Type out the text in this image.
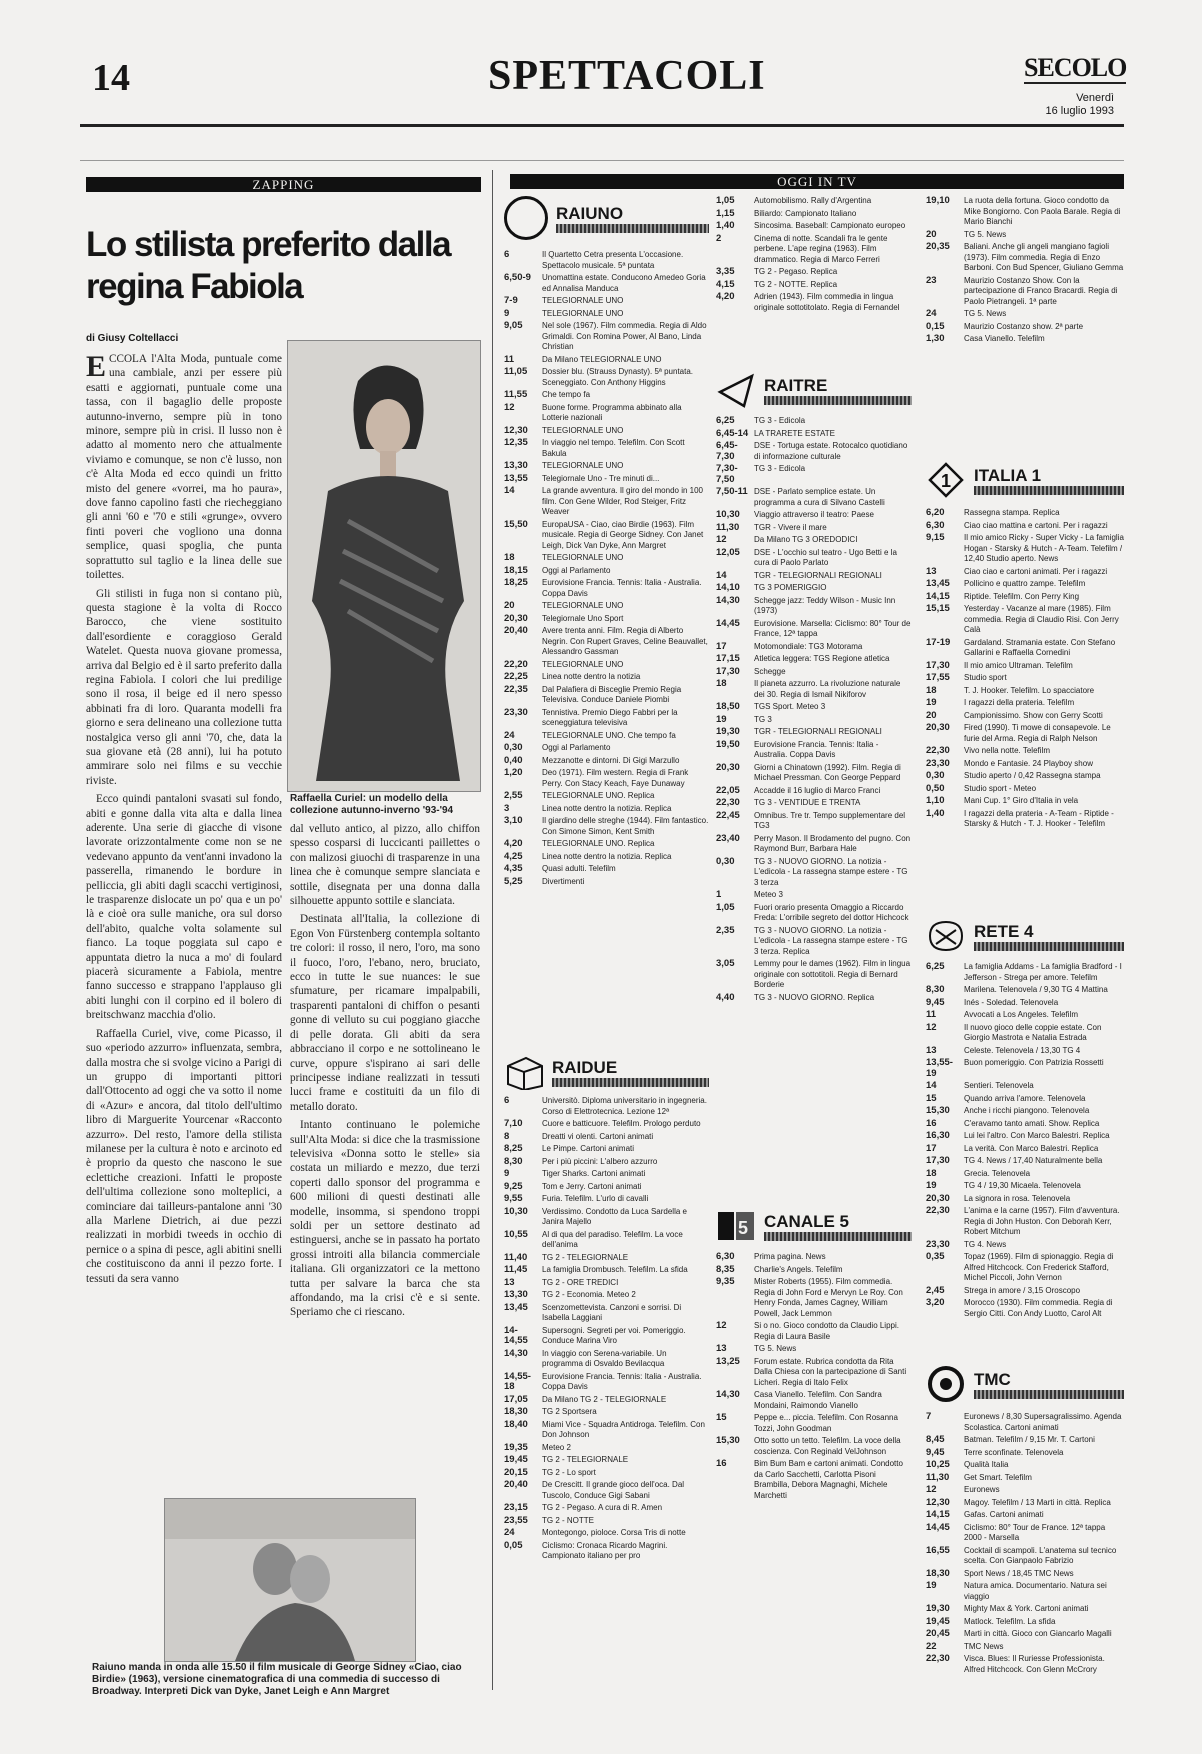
14	SPETTACOLI	SECOLO
Venerdì
16 luglio 1993
ZAPPING
Lo stilista preferito dalla regina Fabiola
di Giusy Coltellacci

ECCOLA l'Alta Moda, puntuale come una cambiale, anzi per essere più esatti e aggiornati, puntuale come una tassa, con il bagaglio delle proposte autunno-inverno, sempre più in tono minore, sempre più in crisi. Il lusso non è adatto al momento nero che attualmente viviamo e comunque, se non c'è lusso, non c'è Alta Moda ed ecco quindi un fritto misto del genere «vorrei, ma ho paura», dove fanno capolino fasti che riecheggiano gli anni '60 e '70 e stili «grunge», ovvero finti poveri che vogliono una donna semplice, quasi spoglia, che punta soprattutto sul taglio e la linea delle sue toilettes.

Gli stilisti in fuga non si contano più, questa stagione è la volta di Rocco Barocco, che viene sostituito dall'esordiente e coraggioso Gerald Watelet. Questa nuova giovane promessa, arriva dal Belgio ed è il sarto preferito dalla regina Fabiola. I colori che lui predilige sono il rosa, il beige ed il nero spesso abbinati fra di loro. Quaranta modelli fra giorno e sera delineano una collezione tutta nostalgica verso gli anni '70, che, data la sua giovane età (28 anni), lui ha potuto ammirare solo nei films e su vecchie riviste.

Ecco quindi pantaloni svasati sul fondo, abiti e gonne dalla vita alta e dalla linea aderente. Una serie di giacche di visone lavorate orizzontalmente come non se ne vedevano appunto da vent'anni invadono la passerella, rimanendo le bordure in pelliccia, gli abiti dagli scacchi vertiginosi, le trasparenze dislocate un po' qua e un po' là e cioè ora sulle maniche, ora sul dorso dell'abito, qualche volta solamente sul fianco. La toque poggiata sul capo e appuntata dietro la nuca a mo' di foulard piacerà sicuramente a Fabiola, mentre fanno successo e strappano l'applauso gli abiti lunghi con il corpino ed il bolero di breitschwanz macchia d'olio.

Raffaella Curiel, vive, come Picasso, il suo «periodo azzurro» influenzata, sembra, dalla mostra che si svolge vicino a Parigi di un gruppo di importanti pittori dall'Ottocento ad oggi che va sotto il nome di «Azur» e ancora, dal titolo dell'ultimo libro di Marguerite Yourcenar «Racconto azzurro». Del resto, l'amore della stilista milanese per la cultura è noto e arcinoto ed è proprio da questo che nascono le sue eclettiche creazioni. Infatti le proposte dell'ultima collezione sono molteplici, a cominciare dai tailleurs-pantalone anni '30 alla Marlene Dietrich, ai due pezzi realizzati in morbidi tweeds in occhio di pernice o a spina di pesce, agli abitini snelli che costituiscono da anni il pezzo forte. I tessuti da sera vanno

Raffaella Curiel: un modello della collezione autunno-inverno '93-'94

dal velluto antico, al pizzo, allo chiffon spesso cosparsi di luccicanti paillettes o con malizosi giuochi di trasparenze in una linea che è comunque sempre slanciata e sottile, disegnata per una donna dalla silhouette appunto sottile e slanciata.

Destinata all'Italia, la collezione di Egon Von Fürstenberg contempla soltanto tre colori: il rosso, il nero, l'oro, ma sono il fuoco, l'oro, l'ebano, nero, bruciato, ecco in tutte le sue nuances: le sue sfumature, per ricamare impalpabili, trasparenti pantaloni di chiffon o pesanti gonne di velluto su cui poggiano giacche di pelle dorata. Gli abiti da sera abbracciano il corpo e ne sottolineano le curve, oppure s'ispirano ai sari delle principesse indiane realizzati in tessuti lucci frame e costituiti da un filo di metallo dorato.

Intanto continuano le polemiche sull'Alta Moda: si dice che la trasmissione televisiva «Donna sotto le stelle» sia costata un miliardo e mezzo, due terzi coperti dallo sponsor del programma e 600 milioni di questi destinati alle modelle, insomma, si spendono troppi soldi per un settore destinato ad estinguersi, anche se in passato ha portato grossi introiti alla bilancia commerciale italiana. Gli organizzatori ce la mettono tutta per salvare la barca che sta affondando, ma la crisi c'è e si sente. Speriamo che ci riescano.

Raiuno manda in onda alle 15.50 il film musicale di George Sidney «Ciao, ciao Birdie» (1963), versione cinematografica di una commedia di successo di Broadway. Interpreti Dick van Dyke, Janet Leigh e Ann Margret
OGGI IN TV
RAIUNO
6	Il Quartetto Cetra presenta L'occasione. Spettacolo musicale. 5ª puntata
6,50-9	Unomattina estate. Conducono Amedeo Goria ed Annalisa Manduca
7-9	TELEGIORNALE UNO
9	TELEGIORNALE UNO
9,05	Nel sole (1967). Film commedia. Regia di Aldo Grimaldi. Con Romina Power, Al Bano, Linda Christian
11	Da Milano TELEGIORNALE UNO
11,05	Dossier blu. (Strauss Dynasty). 5ª puntata. Sceneggiato. Con Anthony Higgins
11,55	Che tempo fa
12	Buone forme. Programma abbinato alla Lotterie nazionali
12,30	TELEGIORNALE UNO
12,35	In viaggio nel tempo. Telefilm. Con Scott Bakula
13,30	TELEGIORNALE UNO
13,55	Telegiornale Uno - Tre minuti di...
14	La grande avventura. Il giro del mondo in 100 film. Con Gene Wilder, Rod Steiger, Fritz Weaver
15,50	EuropaUSA - Ciao, ciao Birdie (1963). Film musicale. Regia di George Sidney. Con Janet Leigh, Dick Van Dyke, Ann Margret
18	TELEGIORNALE UNO
18,15	Oggi al Parlamento
18,25	Eurovisione Francia. Tennis: Italia - Australia. Coppa Davis
20	TELEGIORNALE UNO
20,30	Telegiornale Uno Sport
20,40	Avere trenta anni. Film. Regia di Alberto Negrin. Con Rupert Graves, Celine Beauvallet, Alessandro Gassman
22,20	TELEGIORNALE UNO
22,25	Linea notte dentro la notizia
22,35	Dal Palafiera di Bisceglie Premio Regia Televisiva. Conduce Daniele Piombi
23,30	Tennistiva. Premio Diego Fabbri per la sceneggiatura televisiva
24	TELEGIORNALE UNO. Che tempo fa
0,30	Oggi al Parlamento
0,40	Mezzanotte e dintorni. Di Gigi Marzullo
1,20	Deo (1971). Film western. Regia di Frank Perry. Con Stacy Keach, Faye Dunaway
2,55	TELEGIORNALE UNO. Replica
3	Linea notte dentro la notizia. Replica
3,10	Il giardino delle streghe (1944). Film fantastico. Con Simone Simon, Kent Smith
4,20	TELEGIORNALE UNO. Replica
4,25	Linea notte dentro la notizia. Replica
4,35	Quasi adulti. Telefilm
5,25	Divertimenti
RAIDUE
6	Universitò. Diploma universitario in ingegneria. Corso di Elettrotecnica. Lezione 12ª
7,10	Cuore e batticuore. Telefilm. Prologo perduto
8	Dreatti vi olenti. Cartoni animati
8,25	Le Pimpe. Cartoni animati
8,30	Per i più piccini: L'albero azzurro
9	Tiger Sharks. Cartoni animati
9,25	Tom e Jerry. Cartoni animati
9,55	Furia. Telefilm. L'urlo di cavalli
10,30	Verdissimo. Condotto da Luca Sardella e Janira Majello
10,55	Al di qua del paradiso. Telefilm. La voce dell'anima
11,40	TG 2 - TELEGIORNALE
11,45	La famiglia Drombusch. Telefilm. La sfida
13	TG 2 - ORE TREDICI
13,30	TG 2 - Economia. Meteo 2
13,45	Scenzomettevista. Canzoni e sorrisi. Di Isabella Laggiani
14-14,55
Supersogni. Segreti per voi. Pomeriggio. Conduce Marina Viro
14,30	In viaggio con Serena-variabile. Un programma di Osvaldo Bevilacqua
14,55-18
Eurovisione Francia. Tennis: Italia - Australia. Coppa Davis
17,05	Da Milano TG 2 - TELEGIORNALE
18,30	TG 2 Sportsera
18,40	Miami Vice - Squadra Antidroga. Telefilm. Con Don Johnson
19,35	Meteo 2
19,45	TG 2 - TELEGIORNALE
20,15	TG 2 - Lo sport
20,40	De Crescitt. Il grande gioco dell'oca. Dal Tuscolo, Conduce Gigi Sabani
23,15	TG 2 - Pegaso. A cura di R. Amen
23,55	TG 2 - NOTTE
24	Montegongo, pioloce. Corsa Tris di notte
0,05	Ciclismo: Cronaca Ricardo Magrini. Campionato italiano per pro
1,05	Automobilismo. Rally d'Argentina
1,15	Biliardo: Campionato Italiano
1,40	Sincosima. Baseball: Campionato europeo
2	Cinema di notte. Scandali fra le gente perbene. L'ape regina (1963). Film drammatico. Regia di Marco Ferreri
3,35	TG 2 - Pegaso. Replica
4,15	TG 2 - NOTTE. Replica
4,20	Adrien (1943). Film commedia in lingua originale sottotitolato. Regia di Fernandel
RAITRE
6,25	TG 3 - Edicola
6,45-14 LA TRARETE ESTATE
6,45-7,30
DSE - Tortuga estate. Rotocalco quotidiano di informazione culturale
7,30-7,50
TG 3 - Edicola
7,50-11 DSE - Parlato semplice estate. Un programma a cura di Silvano Castelli
10,30	Viaggio attraverso il teatro: Paese
11,30	TGR - Vivere il mare
12	Da Milano TG 3 OREDODICI
12,05	DSE - L'occhio sul teatro - Ugo Betti e la cura di Paolo Parlato
14	TGR - TELEGIORNALI REGIONALI
14,10	TG 3 POMERIGGIO
14,30	Schegge jazz: Teddy Wilson - Music Inn (1973)
14,45	Eurovisione. Marsella: Ciclismo: 80° Tour de France, 12ª tappa
17	Motomondiale: TG3 Motorama
17,15	Atletica leggera: TGS Regione atletica
17,30	Schegge
18	Il pianeta azzurro. La rivoluzione naturale dei 30. Regia di Ismail Nikiforov
18,50	TGS Sport. Meteo 3
19	TG 3
19,30	TGR - TELEGIORNALI REGIONALI
19,50	Eurovisione Francia. Tennis: Italia - Australia. Coppa Davis
20,30	Giorni a Chinatown (1992). Film. Regia di Michael Pressman. Con George Peppard
22,05	Accadde il 16 luglio di Marco Franci
22,30	TG 3 - VENTIDUE E TRENTA
22,45	Omnibus. Tre tr. Tempo supplementare del TG3
23,40	Perry Mason. Il Brodamento del pugno. Con Raymond Burr, Barbara Hale
0,30	TG 3 - NUOVO GIORNO. La notizia - L'edicola - La rassegna stampe estere - TG 3 terza
1	Meteo 3
1,05	Fuori orario presenta Omaggio a Riccardo Freda: L'orribile segreto del dottor Hichcock
2,35	TG 3 - NUOVO GIORNO. La notizia - L'edicola - La rassegna stampe estere - TG 3 terza. Replica
3,05	Lemmy pour le dames (1962). Film in lingua originale con sottotitoli. Regia di Bernard Borderie
4,40	TG 3 - NUOVO GIORNO. Replica
5 CANALE 5
6,30	Prima pagina. News
8,35	Charlie's Angels. Telefilm
9,35	Mister Roberts (1955). Film commedia. Regia di John Ford e Mervyn Le Roy. Con Henry Fonda, James Cagney, William Powell, Jack Lemmon
12	Si o no. Gioco condotto da Claudio Lippi. Regia di Laura Basile
13	TG 5. News
13,25	Forum estate. Rubrica condotta da Rita Dalla Chiesa con la partecipazione di Santi Licheri. Regia di Italo Felix
14,30	Casa Vianello. Telefilm. Con Sandra Mondaini, Raimondo Vianello
15	Peppe e... piccia. Telefilm. Con Rosanna Tozzi, John Goodman
15,30	Otto sotto un tetto. Telefilm. La voce della coscienza. Con Reginald VelJohnson
16	Bim Bum Bam e cartoni animati. Condotto da Carlo Sacchetti, Carlotta Pisoni Brambilla, Debora Magnaghi, Michele Marchetti
19,10	La ruota della fortuna. Gioco condotto da Mike Bongiorno. Con Paola Barale. Regia di Mario Bianchi
20	TG 5. News
20,35	Baliani. Anche gli angeli mangiano fagioli (1973). Film commedia. Regia di Enzo Barboni. Con Bud Spencer, Giuliano Gemma
23	Maurizio Costanzo Show. Con la partecipazione di Franco Bracardi. Regia di Paolo Pietrangeli. 1ª parte
24	TG 5. News
0,15	Maurizio Costanzo show. 2ª parte
1,30	Casa Vianello. Telefilm
1 ITALIA 1
6,20	Rassegna stampa. Replica
6,30	Ciao ciao mattina e cartoni. Per i ragazzi
9,15	Il mio amico Ricky - Super Vicky - La famiglia Hogan - Starsky & Hutch - A-Team. Telefilm / 12,40 Studio aperto. News
13	Ciao ciao e cartoni animati. Per i ragazzi
13,45	Pollicino e quattro zampe. Telefilm
14,15	Riptide. Telefilm. Con Perry King
15,15	Yesterday - Vacanze al mare (1985). Film commedia. Regia di Claudio Risi. Con Jerry Calà
17-19	Gardaland. Stramania estate. Con Stefano Gallarini e Raffaella Cornedini
17,30	Il mio amico Ultraman. Telefilm
17,55	Studio sport
18	T. J. Hooker. Telefilm. Lo spacciatore
19	I ragazzi della prateria. Telefilm
20	Campionissimo. Show con Gerry Scotti
20,30	Fired (1990). Ti mowe di consapevole. Le furie del Arma. Regia di Ralph Nelson
22,30	Vivo nella notte. Telefilm
23,30	Mondo e Fantasie. 24 Playboy show
0,30	Studio aperto / 0,42 Rassegna stampa
0,50	Studio sport - Meteo
1,10	Mani Cup. 1° Giro d'Italia in vela
1,40	I ragazzi della prateria - A-Team - Riptide - Starsky & Hutch - T. J. Hooker - Telefilm
RETE 4
6,25	La famiglia Addams - La famiglia Bradford - I Jefferson - Strega per amore. Telefilm
8,30	Marilena. Telenovela / 9,30 TG 4 Mattina
9,45	Inés - Soledad. Telenovela
11	Avvocati a Los Angeles. Telefilm
12	Il nuovo gioco delle coppie estate. Con Giorgio Mastrota e Natalia Estrada
13	Celeste. Telenovela / 13,30 TG 4
13,55-19
Buon pomeriggio. Con Patrizia Rossetti
14	Sentieri. Telenovela
15	Quando arriva l'amore. Telenovela
15,30	Anche i ricchi piangono. Telenovela
16	C'eravamo tanto amati. Show. Replica
16,30	Lui lei l'altro. Con Marco Balestri. Replica
17	La verità. Con Marco Balestri. Replica
17,30	TG 4. News / 17,40 Naturalmente bella
18	Grecia. Telenovela
19	TG 4 / 19,30 Micaela. Telenovela
20,30	La signora in rosa. Telenovela
22,30	L'anima e la carne (1957). Film d'avventura. Regia di John Huston. Con Deborah Kerr, Robert Mitchum
23,30	TG 4. News
0,35	Topaz (1969). Film di spionaggio. Regia di Alfred Hitchcock. Con Frederick Stafford, Michel Piccoli, John Vernon
2,45	Strega in amore / 3,15 Oroscopo
3,20	Morocco (1930). Film commedia. Regia di Sergio Citti. Con Andy Luotto, Carol Alt
TMC
7	Euronews / 8,30 Supersagralissimo. Agenda Scolastica. Cartoni animati
8,45	Batman. Telefilm / 9,15 Mr. T. Cartoni
9,45	Terre sconfinate. Telenovela
10,25	Qualità Italia
11,30	Get Smart. Telefilm
12	Euronews
12,30	Magoy. Telefilm / 13 Marti in città. Replica
14,15	Gafas. Cartoni animati
14,45	Ciclismo: 80° Tour de France. 12ª tappa 2000 - Marsella
16,55	Cocktail di scampoli. L'anatema sul tecnico scelta. Con Gianpaolo Fabrizio
18,30	Sport News / 18,45 TMC News
19	Natura amica. Documentario. Natura sei viaggio
19,30	Mighty Max & York. Cartoni animati
19,45	Matlock. Telefilm. La sfida
20,45	Marti in città. Gioco con Giancarlo Magalli
22	TMC News
22,30	Visca. Blues: Il Ruriesse Professionista. Alfred Hitchcock. Con Glenn McCrory
